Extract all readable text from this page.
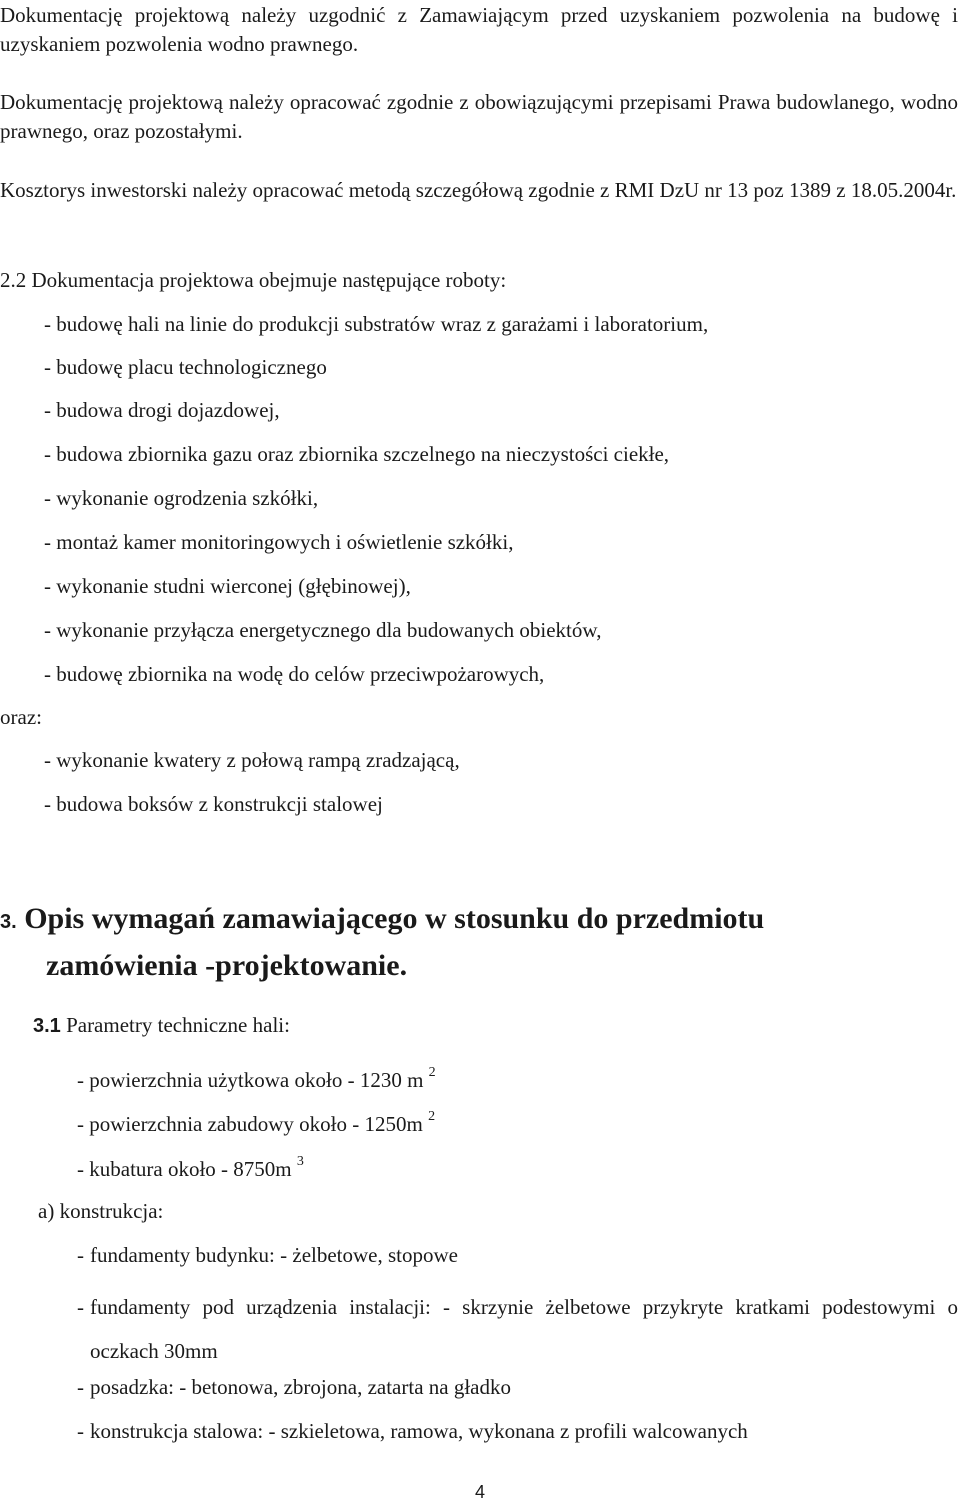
Dokumentację projektową należy uzgodnić z Zamawiającym przed uzyskaniem pozwolenia na budowę i uzyskaniem pozwolenia wodno prawnego.

Dokumentację projektową należy opracować zgodnie z obowiązującymi przepisami Prawa budowlanego, wodno prawnego, oraz pozostałymi.

Kosztorys inwestorski należy opracować metodą szczegółową zgodnie z RMI DzU nr 13 poz 1389 z 18.05.2004r.

2.2 Dokumentacja projektowa obejmuje następujące roboty:
- budowę hali na linie do produkcji substratów wraz z garażami i laboratorium,
- budowę placu technologicznego
- budowa drogi dojazdowej,
- budowa zbiornika gazu oraz zbiornika szczelnego na nieczystości ciekłe,
- wykonanie ogrodzenia szkółki,
- montaż kamer monitoringowych i oświetlenie szkółki,
- wykonanie studni wierconej (głębinowej),
- wykonanie przyłącza energetycznego dla budowanych obiektów,
- budowę zbiornika na wodę do celów przeciwpożarowych,
oraz:
- wykonanie kwatery z połową rampą zradzającą,
- budowa boksów z konstrukcji stalowej
3. Opis wymagań zamawiającego w stosunku do przedmiotu
zamówienia -projektowanie.
3.1 Parametry techniczne hali:
- powierzchnia użytkowa około - 1230 m $^2$
- powierzchnia zabudowy około - 1250m $^2$
- kubatura około - 8750m $^3$
a) konstrukcja:
- fundamenty budynku: - żelbetowe, stopowe
- fundamenty pod urządzenia instalacji: - skrzynie żelbetowe przykryte kratkami podestowymi o oczkach 30mm
- posadzka: - betonowa, zbrojona, zatarta na gładko
- konstrukcja stalowa: - szkieletowa, ramowa, wykonana z profili walcowanych
4
